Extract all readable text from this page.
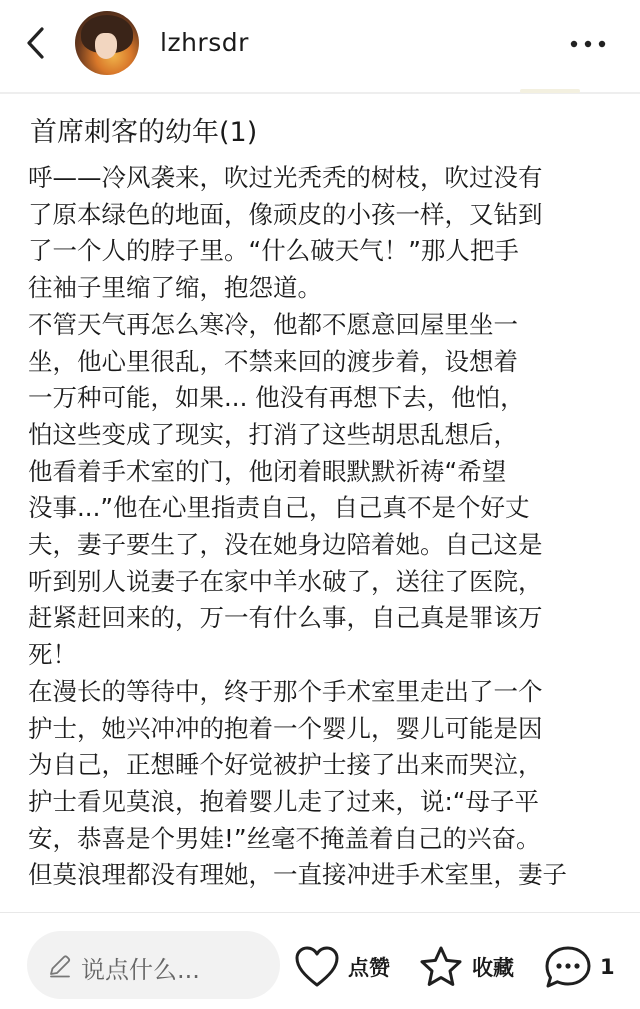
lzhrsdr
首席刺客的幼年(1)
呼——冷风袭来，吹过光秃秃的树枝，吹过没有
了原本绿色的地面，像顽皮的小孩一样，又钻到
了一个人的脖子里。“什么破天气！”那人把手
往袖子里缩了缩，抱怨道。
不管天气再怎么寒冷，他都不愿意回屋里坐一
坐，他心里很乱，不禁来回的渡步着，设想着
一万种可能，如果... 他没有再想下去，他怕，
怕这些变成了现实，打消了这些胡思乱想后，
他看着手术室的门，他闭着眼默默祈祷“希望
没事...”他在心里指责自己，自己真不是个好丈
夫，妻子要生了，没在她身边陪着她。自己这是
听到别人说妻子在家中羊水破了，送往了医院，
赶紧赶回来的，万一有什么事，自己真是罪该万
死！
在漫长的等待中，终于那个手术室里走出了一个
护士，她兴冲冲的抱着一个婴儿，婴儿可能是因
为自己，正想睡个好觉被护士接了出来而哭泣，
护士看见莫浪，抱着婴儿走了过来，说:“母子平
安，恭喜是个男娃!”丝毫不掩盖着自己的兴奋。
但莫浪理都没有理她，一直接冲进手术室里，妻子
说点什么...	点赞	收藏	1
